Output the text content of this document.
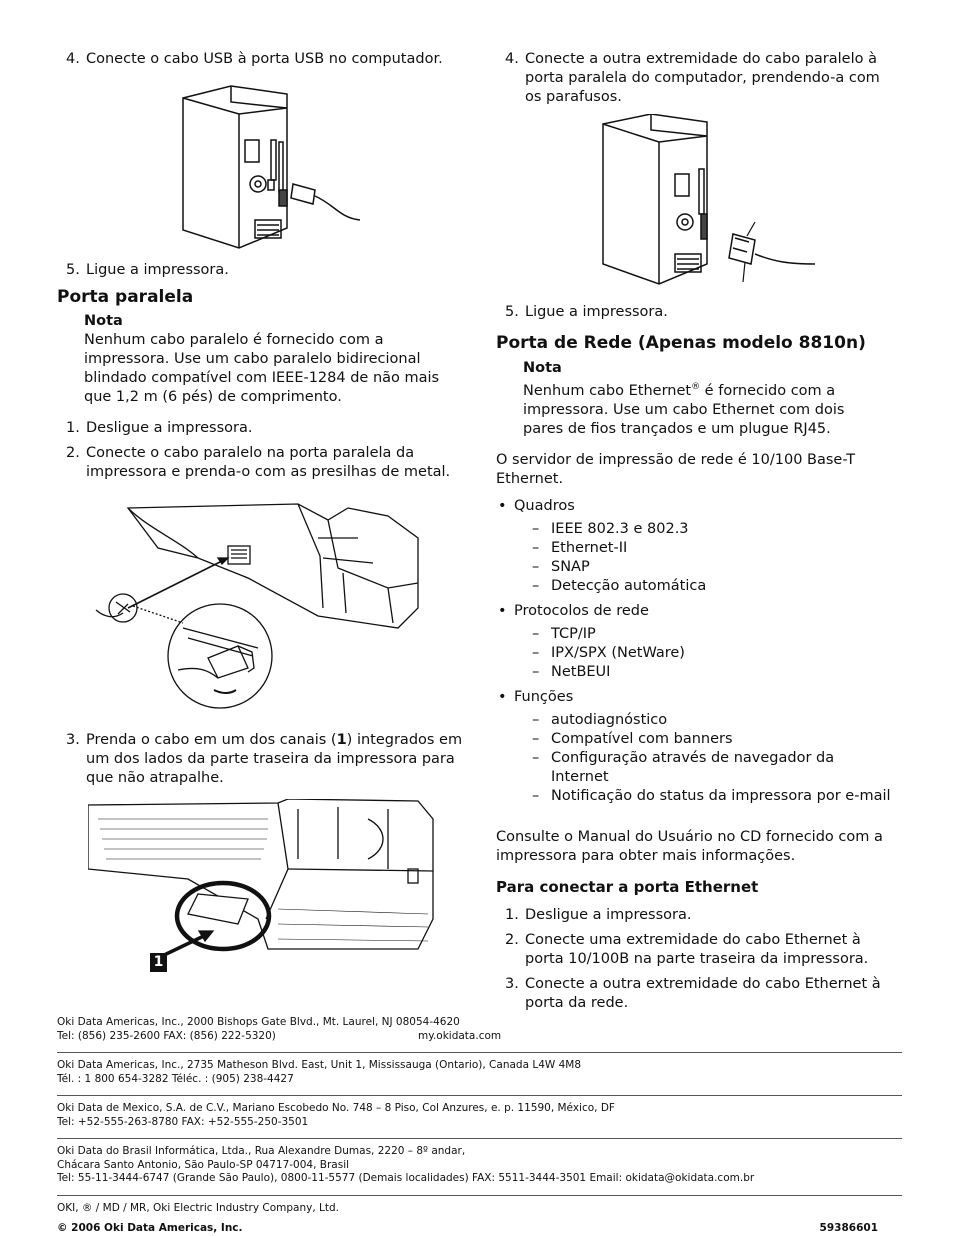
4. Conecte o cabo USB à porta USB no computador.
5. Ligue a impressora.
Porta paralela
Nota

Nenhum cabo paralelo é fornecido com a impressora. Use um cabo paralelo bidirecional blindado compatível com IEEE-1284 de não mais que 1,2 m (6 pés) de comprimento.

1. Desligue a impressora.
2. Conecte o cabo paralelo na porta paralela da impressora e prenda-o com as presilhas de metal.
3. Prenda o cabo em um dos canais (1) integrados em um dos lados da parte traseira da impressora para que não atrapalhe.
1
4. Conecte a outra extremidade do cabo paralelo à porta paralela do computador, prendendo-a com os parafusos.
5. Ligue a impressora.
Porta de Rede (Apenas modelo 8810n)
Nota

Nenhum cabo Ethernet® é fornecido com a impressora. Use um cabo Ethernet com dois pares de fios trançados e um plugue RJ45.

O servidor de impressão de rede é 10/100 Base-T Ethernet.

• Quadros
– IEEE 802.3 e 802.3
– Ethernet-II
– SNAP
– Detecção automática
• Protocolos de rede
– TCP/IP
– IPX/SPX (NetWare)
– NetBEUI
• Funções
– autodiagnóstico
– Compatível com banners
– Configuração através de navegador da Internet
– Notificação do status da impressora por e-mail

Consulte o Manual do Usuário no CD fornecido com a impressora para obter mais informações.

Para conectar a porta Ethernet
1. Desligue a impressora.
2. Conecte uma extremidade do cabo Ethernet à porta 10/100B na parte traseira da impressora.
3. Conecte a outra extremidade do cabo Ethernet à porta da rede.
Oki Data Americas, Inc., 2000 Bishops Gate Blvd., Mt. Laurel, NJ 08054-4620
Tel: (856) 235-2600 FAX: (856) 222-5320)	my.okidata.com
Oki Data Americas, Inc., 2735 Matheson Blvd. East, Unit 1, Mississauga (Ontario), Canada L4W 4M8
Tél. : 1 800 654-3282 Téléc. : (905) 238-4427
Oki Data de Mexico, S.A. de C.V., Mariano Escobedo No. 748 – 8 Piso, Col Anzures, e. p. 11590, México, DF
Tel: +52-555-263-8780 FAX: +52-555-250-3501
Oki Data do Brasil Informática, Ltda., Rua Alexandre Dumas, 2220 – 8º andar,
Chácara Santo Antonio, São Paulo-SP 04717-004, Brasil
Tel: 55-11-3444-6747 (Grande São Paulo), 0800-11-5577 (Demais localidades) FAX: 5511-3444-3501 Email: okidata@okidata.com.br
OKI, ® / MD / MR, Oki Electric Industry Company, Ltd.
© 2006 Oki Data Americas, Inc.	59386601
